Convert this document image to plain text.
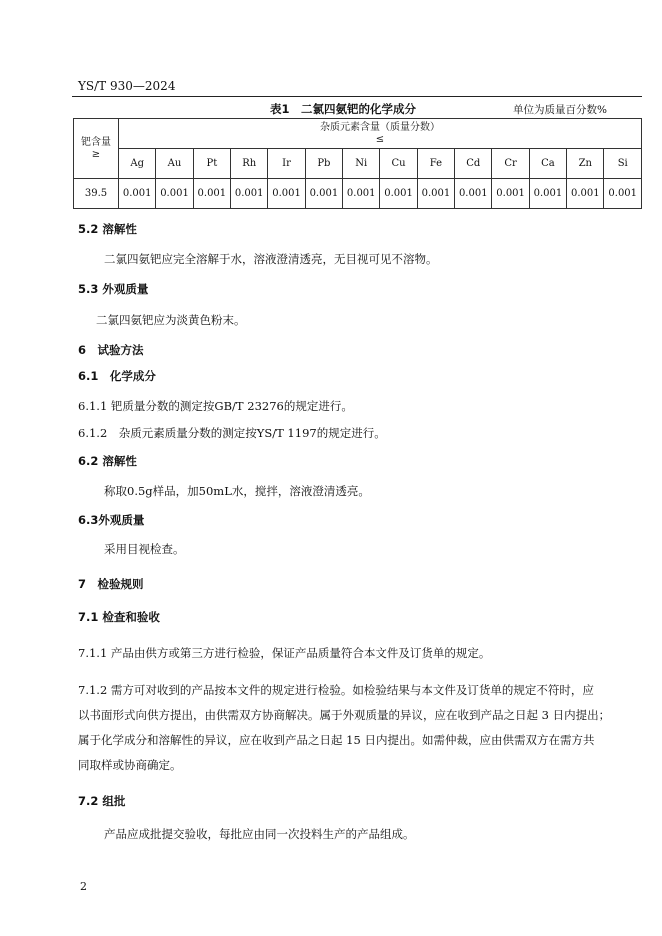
YS/T 930—2024
表1　二氯四氨钯的化学成分	单位为质量百分数%
钯含量
≥	杂质元素含量（质量分数）
≤													

	Ag	Au	Pt	Rh	Ir	Pb	Ni	Cu	Fe	Cd	Cr	Ca	Zn	Si
39.5	0.001	0.001	0.001	0.001	0.001	0.001	0.001	0.001	0.001	0.001	0.001	0.001	0.001	0.001
5.2 溶解性
二氯四氨钯应完全溶解于水，溶液澄清透亮，无目视可见不溶物。
5.3 外观质量
二氯四氨钯应为淡黄色粉末。
6　试验方法
6.1　化学成分
6.1.1 钯质量分数的测定按GB/T 23276的规定进行。
6.1.2　杂质元素质量分数的测定按YS/T 1197的规定进行。
6.2 溶解性
称取0.5g样品，加50mL水，搅拌，溶液澄清透亮。
6.3外观质量
采用目视检查。
7　检验规则
7.1 检查和验收
7.1.1 产品由供方或第三方进行检验，保证产品质量符合本文件及订货单的规定。
7.1.2 需方可对收到的产品按本文件的规定进行检验。如检验结果与本文件及订货单的规定不符时，应
以书面形式向供方提出，由供需双方协商解决。属于外观质量的异议，应在收到产品之日起 3 日内提出；
属于化学成分和溶解性的异议，应在收到产品之日起 15 日内提出。如需仲裁，应由供需双方在需方共
同取样或协商确定。
7.2 组批
产品应成批提交验收，每批应由同一次投料生产的产品组成。
2
